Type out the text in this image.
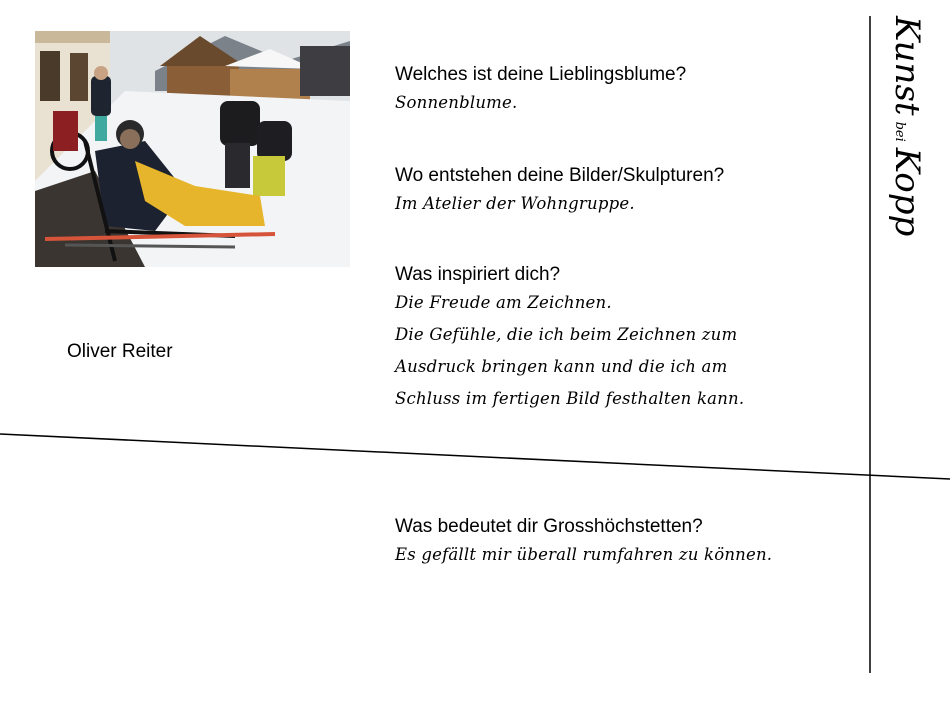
Oliver Reiter
Welches ist deine Lieblingsblume?
Sonnenblume.
Wo entstehen deine Bilder/Skulpturen?
Im Atelier der Wohngruppe.
Was inspiriert dich?
Die Freude am Zeichnen.
Die Gefühle, die ich beim Zeichnen zum
Ausdruck bringen kann und die ich am
Schluss im fertigen Bild festhalten kann.
Was bedeutet dir Grosshöchstetten?
Es gefällt mir überall rumfahren zu können.
KunstbeiKopp
